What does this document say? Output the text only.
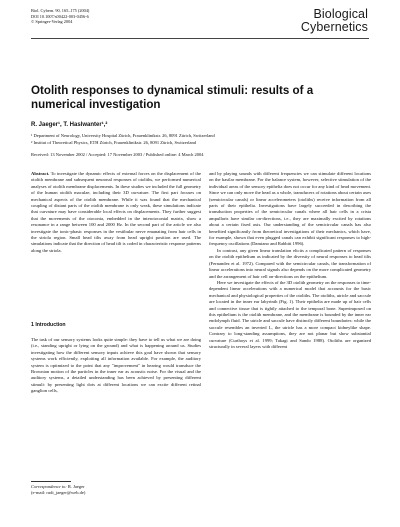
Biol. Cybern. 90, 165–175 (2004)
DOI 10.1007/s00422-003-0456-6
© Springer-Verlag 2004
Biological
Cybernetics
Otolith responses to dynamical stimuli: results of a numerical investigation
R. Jaeger¹, T. Haslwanter¹,²
¹ Department of Neurology, University Hospital Zürich, Frauenklinikstr. 26, 8091 Zürich, Switzerland
² Institut of Theoretical Physics, ETH Zürich, Frauenklinikstr. 26, 8091 Zürich, Switzerland
Received: 13 November 2002 / Accepted: 17 November 2003 / Published online: 4 March 2004

Abstract. To investigate the dynamic effects of external forces on the displacement of the otolith membrane and subsequent neuronal responses of otoliths, we performed numerical analyses of otolith membrane displacements. In these studies we included the full geometry of the human otolith maculae, including their 3D curvature. The first part focuses on mechanical aspects of the otolith membrane. While it was found that the mechanical coupling of distant parts of the otolith membrane is only weak, these simulations indicate that curvature may have considerable local effects on displacements. They further suggest that the movements of the otoconia, embedded in the interotoconial matrix, show a resonance in a range between 100 and 2000 Hz. In the second part of the article we also investigate the tonic-phasic responses in the vestibular nerve emanating from hair cells in the striola region. Small head tilts away from head upright position are used. The simulations indicate that the direction of head tilt is coded in characteristic response patterns along the striola.

1 Introduction

The task of our sensory systems looks quite simple: they have to tell us what we are doing (i.e., standing upright or lying on the ground) and what is happening around us. Studies investigating how the different sensory inputs achieve this goal have shown that sensory systems work efficiently, exploiting all information available. For example, the auditory system is optimized to the point that any "improvement" in hearing would transduce the Brownian motion of the particles in the inner ear as acoustic noise. For the visual and the auditory systems, a detailed understanding has been achieved by presenting different stimuli: by presenting light dots at different locations we can excite different retinal ganglion cells,

and by playing sounds with different frequencies we can stimulate different locations on the basilar membrane. For the balance system, however, selective stimulation of the individual areas of the sensory epithelia does not occur for any kind of head movement. Since we can only move the head as a whole, transducers of rotations about certain axes (semicircular canals) or linear accelerometers (otoliths) receive information from all parts of their epithelia. Investigations have largely succeeded in describing the transduction properties of the semicircular canals where all hair cells in a crista ampullaris have similar on-directions, i.e., they are maximally excited by rotations about a certain fixed axis. Our understanding of the semicircular canals has also benefited significantly from theoretical investigations of their mechanics, which have, for example, shown that even plugged canals can exhibit significant responses to high-frequency oscillations (Damiano and Rabbitt 1996).

In contrast, any given linear translation elicits a complicated pattern of responses on the otolith epithelium as indicated by the diversity of neural responses to head tilts (Fernandez et al. 1972). Compared with the semicircular canals, the transformation of linear accelerations into neural signals also depends on the more complicated geometry and the arrangement of hair cell on-directions on the epithelium.

Here we investigate the effects of the 3D otolith geometry on the responses to time-dependent linear accelerations with a numerical model that accounts for the basic mechanical and physiological properties of the otoliths. The otoliths, utricle and saccule are located in the inner ear labyrinth (Fig. 1). Their epithelia are made up of hair cells and connective tissue that is tightly attached to the temporal bone. Superimposed on this epithelium is the otolith membrane, and the membrane is bounded by the inner ear endolymph fluid. The utricle and saccule have distinctly different boundaries: while the saccule resembles an inverted L, the utricle has a more compact kidneylike shape. Contrary to long-standing assumptions, they are not planar but show substantial curvature (Curthoys et al. 1999; Takagi and Sando 1988). Otoliths are organized structurally in several layers with different

Correspondence to: R. Jaeger
(e-mail: rudi_jaeger@web.de)
